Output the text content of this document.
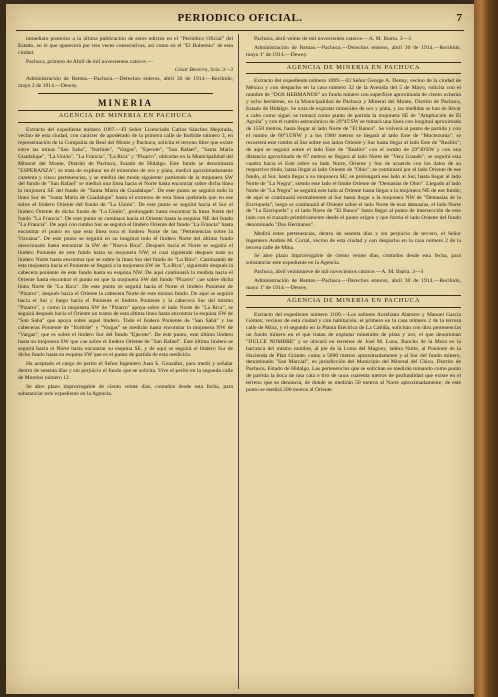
PERIODICO OFICIAL.	7

inmediato posterior a la última publicación de estos edictos en el "Periódico Oficial" del Estado, en el que aparecerá por tres veces consecutivas, así como en el "El Bohemio" de esta ciudad.

Pachuca, primero de Abril de mil novecientos catorce.—

César Becerra, Srio. 3—3

Administración de Rentas.—Pachuca.—Derechos enteros, abril 30 de 1914.—Recibido, mayo 2 de 1914.—Dewey.

MINERIA
AGENCIA DE MINERIA EN PACHUCA

Extracto del expediente número 1097.—El Señor Licenciado Carlos Sánchez Mejorada, vecino de esta ciudad, con carácter de apoderado de la primera calle de Iturbide número 3, en representación de la Compañía de Real del Monte y Pachuca, solicita el terreno libre que existe entre las minas "San Saba", "Iturbide", "Vargas", "Ejecute", "San Rafael", "Santa María Guadalupe", "La Unión", "La Francia", "La Rica" y "Pizarro", ubicadas en la Municipalidad del Mineral del Monte, Distrito de Pachuca, Estado de Hidalgo. Este fundo se denominará "ESPERANZA", se trata de explotar en él minerales de oro y plata, medirá aproximadamente cuarenta y cinco pertenencias, y se medirá del modo siguiente: partiendo de la mojonera SW del fundo de "San Rafael" se medirá una línea hacia el Norte hasta encontrar sobre dicha línea la mojonera SE del fundo de "Santa María de Guadalupe". De este punto se seguirá todo la línea Sur de "Santa María de Guadalupe" hasta el extremo de esta línea quebrada que en ese sobre el lindero Oriente del fundo de "La Unión". De este punto se seguirá hacia el Sur el lindero Oriente de dicho fundo de "La Unión", prolongado hasta encontrar la línea Norte del fundo "La Francia". De este punto se caminará hacia el Oriente hasta la esquina NE del fundo "La Francia". De aquí con rumbo Sur se seguirá el lindero Oriente del fundo "La Francia" hasta encontrar el punto en que esta línea toca el lindero Norte de las "Pertenencias sobre la Vizcaína". De este punto se seguirá en su longitud todo el lindero Norte del último fundo mencionado hasta encontrar la SW de "Nueva Rica". Después hacia el Norte se seguirá el lindero Poniente de este fundo hasta su mojonera NW; el cual siguiendo después todo su lindero Norte hasta encontrar que se sobre la línea Sur del fundo de "La Rica". Caminando de esta mojonera hacia el Poniente se llegará a la mojonera SW de "La Rica", siguiendo después la cabecera poniente de este fundo hasta su esquina NW. De aquí continuará la medida hacia el Oriente hasta encontrar el punto en que la mojonera SW del fundo "Pizarro" cae sobre dicha línea Norte de "La Rica". De este punto se seguirá hacia el Norte el lindero Poniente de "Pizarro", después hacia el Oriente la cabecera Norte de este mismo fundo. De aquí se seguirá hacia el Sur y luego hacia el Poniente el lindero Poniente y la cabecera Sur del mismo "Pizarro", y como la mojonera SW de "Pizarro" apoya sobre el lado Norte de "La Rica", se seguirá después hacia el Oriente un tramo de esta última línea hasta encontrar la esquina SW de "San Saba" que apoya sobre aquel lindero. Todo el lindero Poniente de "San Sabá" y las cabeceras Poniente de "Iturbide" y "Vargas" se medirán hasta encontrar la mojonera NW de "Vargas", que es sobre el lindero Sur del fundo "Ejecute". De este punto, este último lindero hasta su mojonera SW que cae sobre el lindero Oriente de "San Rafael". Este último lindero se seguirá hacia el Norte hasta encontrar su esquina SE, y de aquí se seguirá el lindero Sur de dicho fundo hasta su esquina SW que es el punto de partida de esta medición.

Ha aceptado el cargo de perito el Señor Ingeniero Juan S. González, para medir y señalar dentro de sesenta días y sin perjuicio el fundo que se solicita. Vive el perito en la segunda calle de Morelos número 12.

Se abre plazo improrrogable de ciento veinte días, contados desde esta fecha, para substanciar este expediente en la Agencia.

Pachuca, abril veinte de mil novecientos catorce.—A. M. Ibarra. 3—3

Administración de Rentas.—Pachuca.—Derechos enteros, abril 30 de 1914.—Recibido, mayo 1º de 1914.—Dewey.

AGENCIA DE MINERIA EN PACHUCA

Extracto del expediente número 1099.—El Señor George A. Denny, vecino de la ciudad de México y con despacho en la casa número 32 de la Avenida del 5 de Mayo, solicita con el nombre de "DOS HERMANOS" un fundo minero con superficie aproximada de ciento ochenta y ocho hectáreas, en la Municipalidad de Pachuca y Mineral del Monte, Distrito de Pachuca, Estado de Hidalgo. Se trata de explotar minerales de oro y plata, y las medidas se han de llevar a cabo como sigue: se tomará como punto de partida la mojonera SE de "Ampliación de El Aguila" y con el rumbo astronómico de 29°45'SW se tomará una línea con longitud aproximada de 1550 metros, hasta llegar al lado Norte de "El Banco". Se volverá al punto de partida y con el rumbo de 60°15'NW y a los 1980 metros se llegará al lado Este de "Moctezuma"; se recorrerá este rumbo al Sur sobre sus lados Oriente y Sur hasta llegar al lado Este de "Realito"; de aquí se seguirá sobre el lado Este de "Realito" con el rumbo de 29°30'SW y con una distancia aproximada de 87 metros se llegará al lado Norte de "Vera Grande"; se seguirá esta cuadra hacia el Este sobre su lado Norte, Oriente y Sur de acuerdo con los datos de su respectivo título, hasta llegar al lado Oriente de "Ohio"; se continuará por el lado Oriente de ese fundo, al Sur, hasta llegar a su mojonera SE; se prolongará ese lado al Sur, hasta llegar al lado Norte de "La Negra", siendo este lado el límite Oriente de "Demasías de Ohio". Llegado al lado Norte de "La Negra" se seguirá este lado al Oriente hasta llegar a la mojonera NE de ese fundo; de aquí se continuará normalmente al Sur hasta llegar a la mojonera NW de "Demasías de la Escriquela"; luego se continuará al Oriente sobre el lado Norte de esas demasías, el lado Norte de "La Escriquela" y el lado Norte de "El Banco" hasta llegar al punto de intersección de este lado con el trazado primitivamente desde el punto origen y que forma el lado Oriente del fundo denominado "Dos Hermanos".

Medirá estas pertenencias, dentro de sesenta días y sin perjuicio de tercero, el Señor Ingeniero Andrés M. Corral, vecino de esta ciudad y con despacho en la casa número 2 de la tercera calle de Mina.

Se abre plazo improrrogable de ciento veinte días, contados desde esta fecha, para substanciar este expediente en la Agencia.

Pachuca, abril veintinueve de mil novecientos catorce.—A. M. Ibarra. 3—3

Administración de Rentas.—Pachuca.—Derechos enteros, abril 30 de 1914.—Recibido, mayo 1º de 1914.—Dewey.

AGENCIA DE MINERIA EN PACHUCA

Extracto del expediente número 1100.—Los señores Aureliano Alatorre y Manuel García Gómez, vecinos de esta ciudad y con habitación, el primero en la casa número 2 de la tercera calle de Mina, y el segundo en la Planta Eléctrica de La Cabiña, solicitan con diez pertenencias un fundo minero en el que tratan de explotar minerales de plata y oro, el que denominan "DULCE NOMBRE" y se ubicará en terrenos de José M. Luna, Rancho de la Mora en la barranca del mismo nombre, al pie de la Loma del Magney, ladera Norte, al Poniente de la Hacienda de Plan Grande, como a 5000 metros aproximadamente y al Sur del fundo minero, denominado "San Marcial", en jurisdicción del Municipio del Mineral del Chico, Distrito de Pachuca, Estado de Hidalgo. Las pertenencias que se solicitan se medirán tomando como punto de partida la boca de una cata o tiro de unos cuarenta metros de profundidad que existe en el terreno que se denuncia, de donde se medirán 50 metros al Norte aproximadamente; de este punto se medirá 500 metros al Oriente.
